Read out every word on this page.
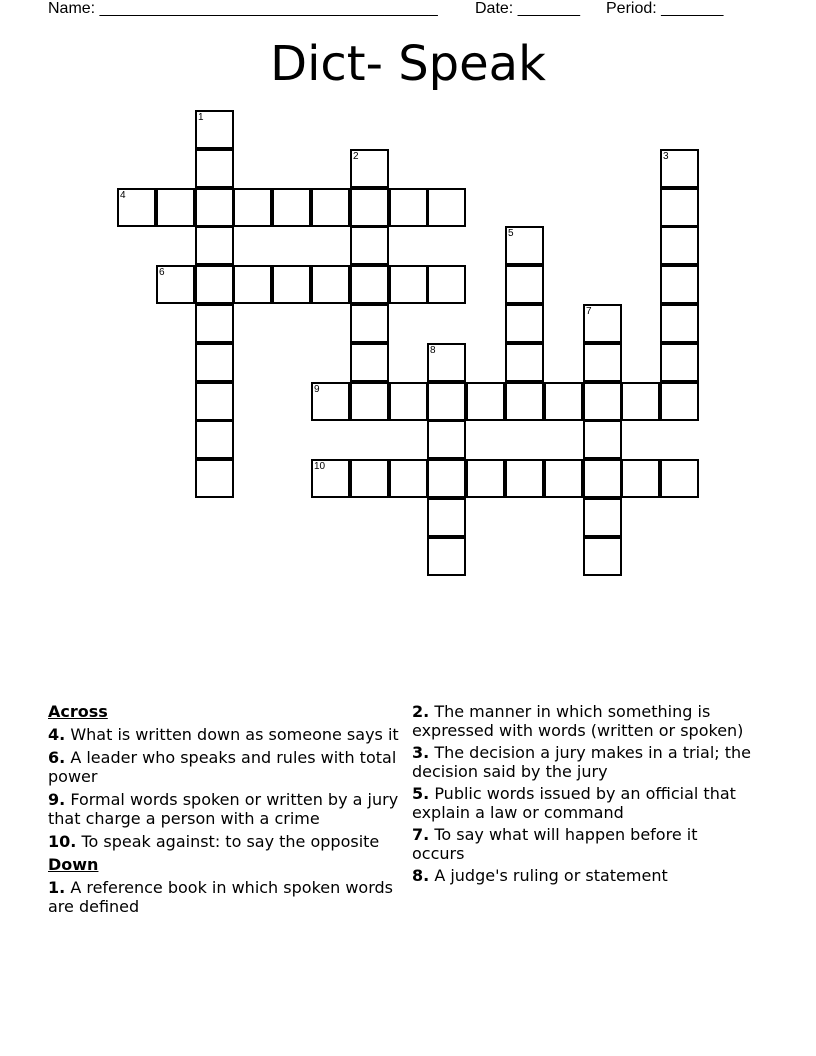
Name: ______________________________________ Date: _______ Period: _______
Dict- Speak
1
2	3
4
5
6
7
8
9
10
Across
4. What is written down as someone says it
6. A leader who speaks and rules with total power
9. Formal words spoken or written by a jury that charge a person with a crime
10. To speak against: to say the opposite
Down
1. A reference book in which spoken words are defined
2. The manner in which something is expressed with words (written or spoken)
3. The decision a jury makes in a trial; the decision said by the jury
5. Public words issued by an official that explain a law or command
7. To say what will happen before it occurs
8. A judge's ruling or statement
